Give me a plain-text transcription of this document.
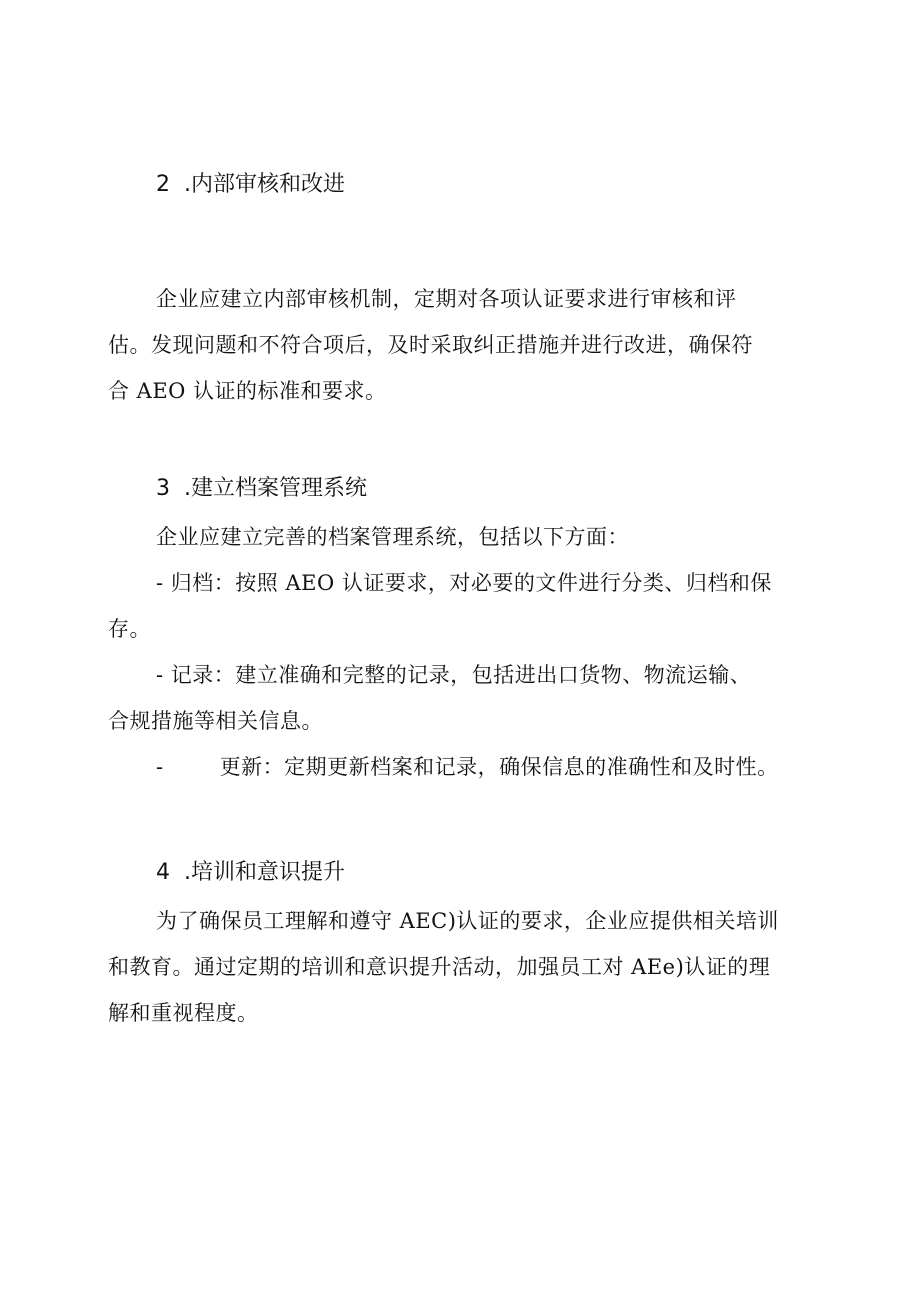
2 .内部审核和改进
企业应建立内部审核机制，定期对各项认证要求进行审核和评
估。发现问题和不符合项后，及时采取纠正措施并进行改进，确保符
合 AEO 认证的标准和要求。
3 .建立档案管理系统
企业应建立完善的档案管理系统，包括以下方面：
- 归档：按照 AEO 认证要求，对必要的文件进行分类、归档和保
存。
- 记录：建立准确和完整的记录，包括进出口货物、物流运输、
合规措施等相关信息。
-	更新：定期更新档案和记录，确保信息的准确性和及时性。
4 .培训和意识提升
为了确保员工理解和遵守 AEC)认证的要求，企业应提供相关培训
和教育。通过定期的培训和意识提升活动，加强员工对 AEe)认证的理
解和重视程度。
